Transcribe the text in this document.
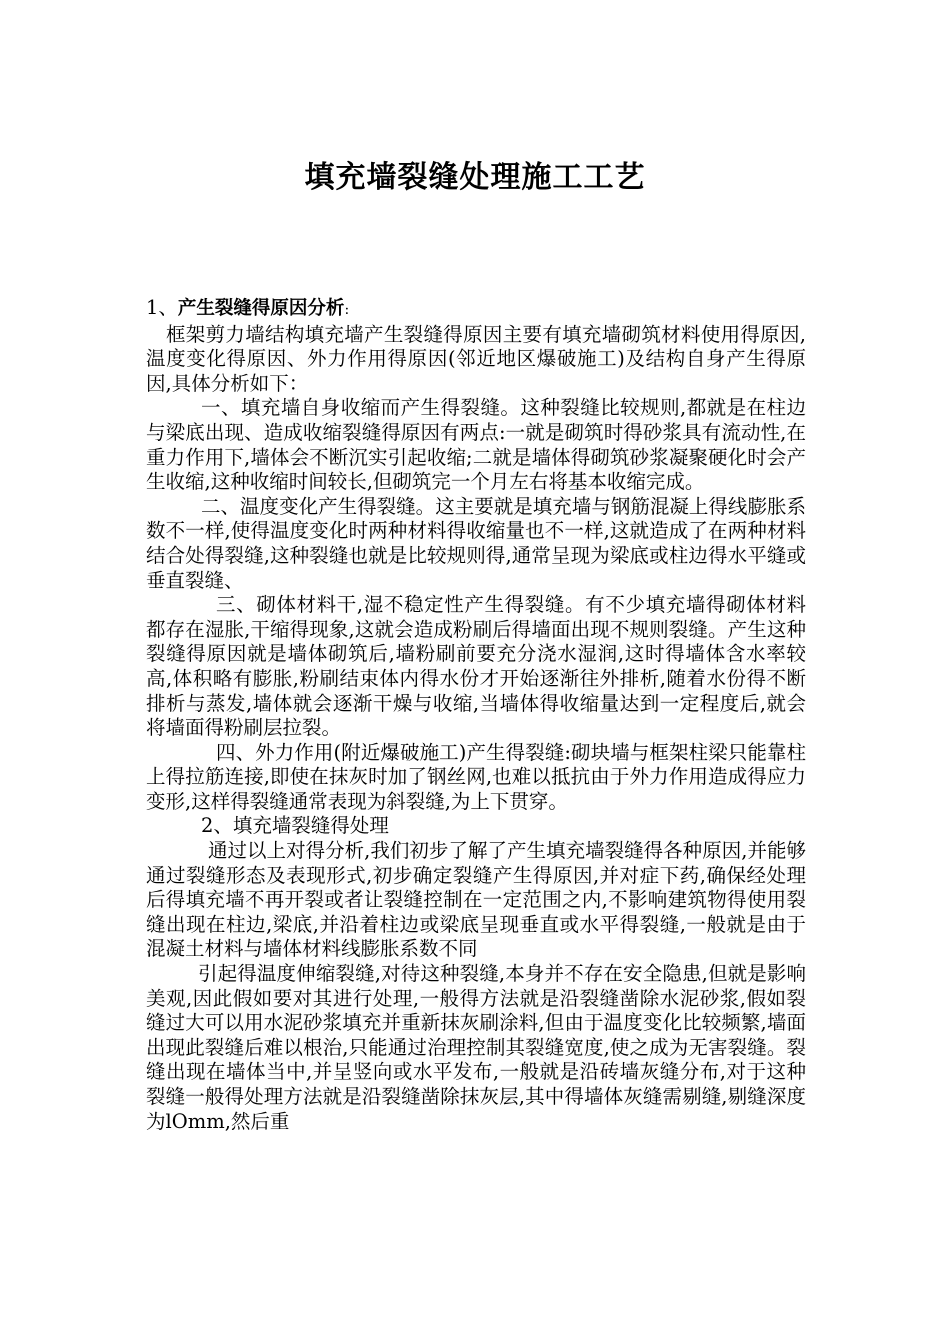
填充墙裂缝处理施工工艺
1、产生裂缝得原因分析:

框架剪力墙结构填充墙产生裂缝得原因主要有填充墙砌筑材料使用得原因,温度变化得原因、外力作用得原因(邻近地区爆破施工)及结构自身产生得原因,具体分析如下：

一、填充墙自身收缩而产生得裂缝。这种裂缝比较规则,都就是在柱边与梁底出现、造成收缩裂缝得原因有两点:一就是砌筑时得砂浆具有流动性,在重力作用下,墙体会不断沉实引起收缩;二就是墙体得砌筑砂浆凝聚硬化时会产生收缩,这种收缩时间较长,但砌筑完一个月左右将基本收缩完成。

二、温度变化产生得裂缝。这主要就是填充墙与钢筋混凝上得线膨胀系数不一样,使得温度变化时两种材料得收缩量也不一样,这就造成了在两种材料结合处得裂缝,这种裂缝也就是比较规则得,通常呈现为梁底或柱边得水平缝或垂直裂缝、

三、砌体材料干,湿不稳定性产生得裂缝。有不少填充墙得砌体材料都存在湿胀,干缩得现象,这就会造成粉刷后得墙面出现不规则裂缝。产生这种裂缝得原因就是墙体砌筑后,墙粉刷前要充分浇水湿润,这时得墙体含水率较高,体积略有膨胀,粉刷结束体内得水份才开始逐渐往外排析,随着水份得不断排析与蒸发,墙体就会逐渐干燥与收缩,当墙体得收缩量达到一定程度后,就会将墙面得粉刷层拉裂。

四、外力作用(附近爆破施工)产生得裂缝:砌块墙与框架柱梁只能靠柱上得拉筋连接,即使在抹灰时加了钢丝网,也难以抵抗由于外力作用造成得应力变形,这样得裂缝通常表现为斜裂缝,为上下贯穿。

2、填充墙裂缝得处理

通过以上对得分析,我们初步了解了产生填充墙裂缝得各种原因,并能够通过裂缝形态及表现形式,初步确定裂缝产生得原因,并对症下药,确保经处理后得填充墙不再开裂或者让裂缝控制在一定范围之内,不影响建筑物得使用裂缝出现在柱边,梁底,并沿着柱边或梁底呈现垂直或水平得裂缝,一般就是由于混凝土材料与墙体材料线膨胀系数不同

引起得温度伸缩裂缝,对待这种裂缝,本身并不存在安全隐患,但就是影响美观,因此假如要对其进行处理,一般得方法就是沿裂缝凿除水泥砂浆,假如裂缝过大可以用水泥砂浆填充并重新抹灰刷涂料,但由于温度变化比较频繁,墙面出现此裂缝后难以根治,只能通过治理控制其裂缝宽度,使之成为无害裂缝。裂缝出现在墙体当中,并呈竖向或水平发布,一般就是沿砖墙灰缝分布,对于这种裂缝一般得处理方法就是沿裂缝凿除抹灰层,其中得墙体灰缝需剔缝,剔缝深度为lOmm,然后重
